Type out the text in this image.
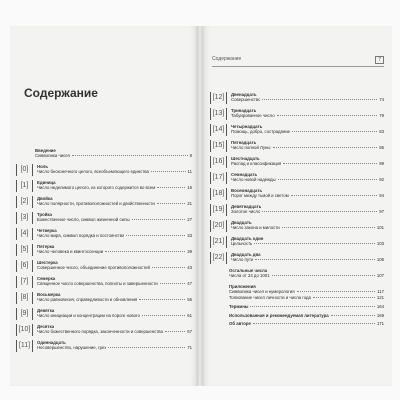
Содержание
Введение
Символика чисел	8
[0]	Ноль
Число бесконечного целого, всеобъемлющего единства	11
[1]	Единица
Число неделимого целого, из которого содержится во всем	15
[2]	Двойка
Число полярности, противоположностей и двойственности	21
[3]	Тройка
Божественное число, символ жизненной силы	27
[4]	Четверка
Число мира, символ порядка и постоянства	33
[5]	Пятерка
Число человека и квинтэссенции	39
[6]	Шестерка
Совершенное число, объединение противоположностей	43
[7]	Семерка
Священное число совершенства, полноты и завершенности	47
[8]	Восьмерка
Число равновесия, справедливости и обновления	55
[9]	Девятка
Число инициации и концентрации на пороге нового	61
[10]	Десятка
Число божественного порядка, законченности и совершенства	67
[11]	Одиннадцать
Несовершенство, нарушение, грех	71
Содержание	7
[12]	Двенадцать
Совершенство	74
[13]	Тринадцать
Табуированное число	79
[14]	Четырнадцать
Помощь, добро, сострадание	83
[15]	Пятнадцать
Число полной Луны	85
[16]	Шестнадцать
Распад и классификация	89
[17]	Семнадцать
Число новой надежды	92
[18]	Восемнадцать
Порог между тьмой и светом	94
[19]	Девятнадцать
Золотое число	97
[20]	Двадцать
Число закона и милости	101
[21]	Двадцать один
Цельность	103
[22]	Двадцать два
Число пути	106
Остальные числа
Числа от 24 до 1001	107
Приложения
Символика чисел и нумерология	117
Толкование чисел личности и числа года	121
Термины	164
Использованная и рекомендуемая литература	169
Об авторе	171
